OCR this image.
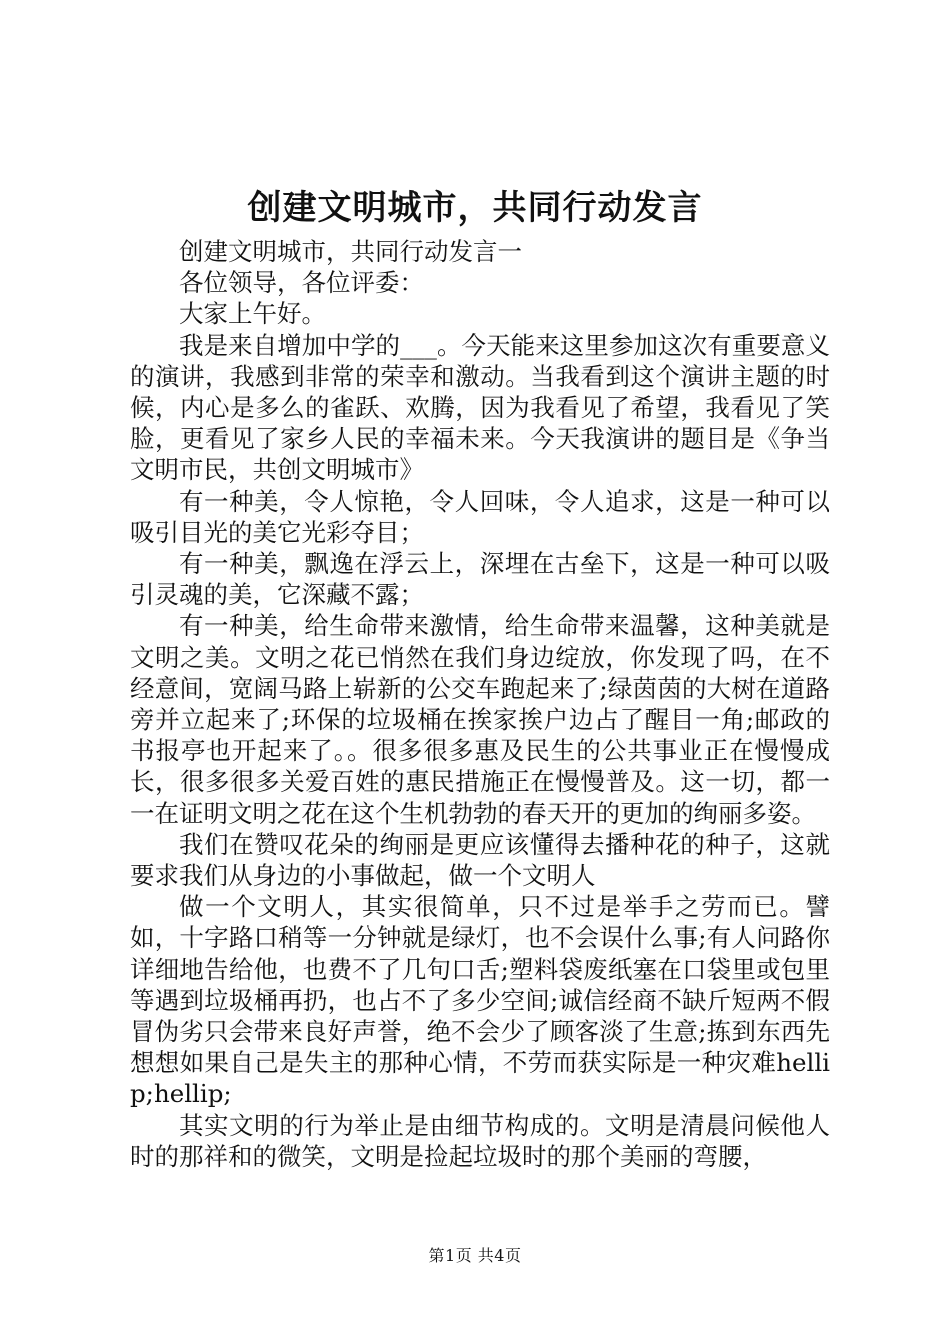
创建文明城市，共同行动发言

创建文明城市，共同行动发言一

各位领导，各位评委：

大家上午好。

我是来自增加中学的___。今天能来这里参加这次有重要意义的演讲，我感到非常的荣幸和激动。当我看到这个演讲主题的时候，内心是多么的雀跃、欢腾，因为我看见了希望，我看见了笑脸，更看见了家乡人民的幸福未来。今天我演讲的题目是《争当文明市民，共创文明城市》

有一种美，令人惊艳，令人回味，令人追求，这是一种可以吸引目光的美它光彩夺目；

有一种美，飘逸在浮云上，深埋在古垒下，这是一种可以吸引灵魂的美，它深藏不露；

有一种美，给生命带来激情，给生命带来温馨，这种美就是文明之美。文明之花已悄然在我们身边绽放，你发现了吗，在不经意间，宽阔马路上崭新的公交车跑起来了;绿茵茵的大树在道路旁并立起来了;环保的垃圾桶在挨家挨户边占了醒目一角;邮政的书报亭也开起来了。。很多很多惠及民生的公共事业正在慢慢成长，很多很多关爱百姓的惠民措施正在慢慢普及。这一切，都一一在证明文明之花在这个生机勃勃的春天开的更加的绚丽多姿。

我们在赞叹花朵的绚丽是更应该懂得去播种花的种子，这就要求我们从身边的小事做起，做一个文明人

做一个文明人，其实很简单，只不过是举手之劳而已。譬如，十字路口稍等一分钟就是绿灯，也不会误什么事;有人问路你详细地告给他，也费不了几句口舌;塑料袋废纸塞在口袋里或包里等遇到垃圾桶再扔，也占不了多少空间;诚信经商不缺斤短两不假冒伪劣只会带来良好声誉，绝不会少了顾客淡了生意;拣到东西先想想如果自己是失主的那种心情，不劳而获实际是一种灾难hellip;hellip;

其实文明的行为举止是由细节构成的。文明是清晨问候他人时的那祥和的微笑，文明是捡起垃圾时的那个美丽的弯腰，

第1页 共4页
